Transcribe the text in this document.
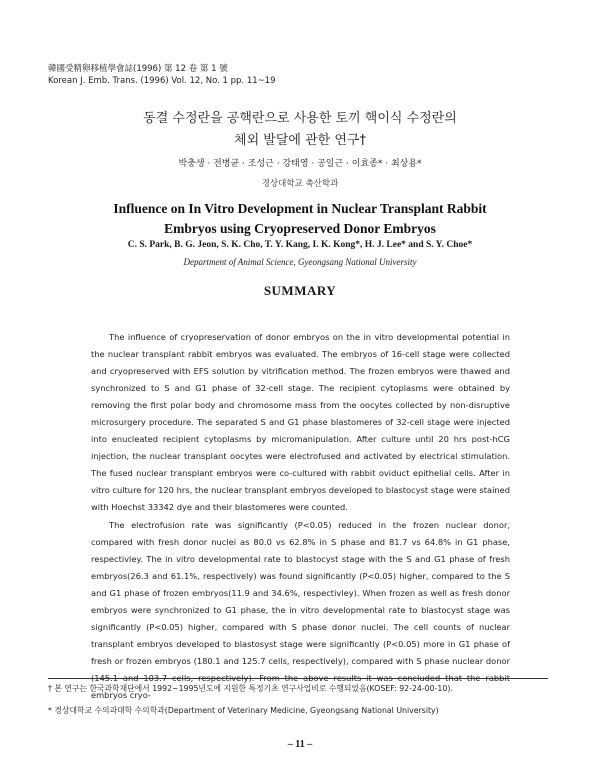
韓國受精卵移植學會誌(1996) 第 12 卷 第 1 號
Korean J. Emb. Trans. (1996) Vol. 12, No. 1 pp. 11~19
동결 수정란을 공핵란으로 사용한 토끼 핵이식 수정란의
체외 발달에 관한 연구†
박충생 · 전병균 · 조성근 · 강태영 · 공일근 · 이효종* · 최상용*
경상대학교 축산학과
Influence on In Vitro Development in Nuclear Transplant Rabbit
Embryos using Cryopreserved Donor Embryos
C. S. Park, B. G. Jeon, S. K. Cho, T. Y. Kang, I. K. Kong*, H. J. Lee* and S. Y. Choe*
Department of Animal Science, Gyeongsang National University
SUMMARY

The influence of cryopreservation of donor embryos on the in vitro developmental potential in the nuclear transplant rabbit embryos was evaluated. The embryos of 16-cell stage were collected and cryopreserved with EFS solution by vitrification method. The frozen embryos were thawed and synchronized to S and G1 phase of 32-cell stage. The recipient cytoplasms were obtained by removing the first polar body and chromosome mass from the oocytes collected by non-disruptive microsurgery procedure. The separated S and G1 phase blastomeres of 32-cell stage were injected into enucleated recipient cytoplasms by micromanipulation. After culture until 20 hrs post-hCG injection, the nuclear transplant oocytes were electrofused and activated by electrical stimulation. The fused nuclear transplant embryos were co-cultured with rabbit oviduct epithelial cells. After in vitro culture for 120 hrs, the nuclear transplant embryos developed to blastocyst stage were stained with Hoechst 33342 dye and their blastomeres were counted.

The electrofusion rate was significantly (P<0.05) reduced in the frozen nuclear donor, compared with fresh donor nuclei as 80.0 vs 62.8% in S phase and 81.7 vs 64.8% in G1 phase, respectivley. The in vitro developmental rate to blastocyst stage with the S and G1 phase of fresh embryos(26.3 and 61.1%, respectively) was found significantly (P<0.05) higher, compared to the S and G1 phase of frozen embryos(11.9 and 34.6%, respectivley). When frozen as well as fresh donor embryos were synchronized to G1 phase, the in vitro developmental rate to blastocyst stage was significantly (P<0.05) higher, compared with S phase donor nuclei. The cell counts of nuclear transplant embryos developed to blastosyst stage were significantly (P<0.05) more in G1 phase of fresh or frozen embryos (180.1 and 125.7 cells, respectively), compared with S phase nuclear donor (145.1 and 103.7 cells, respectively). From the above results it was concluded that the rabbit embryos cryo-

† 본 연구는 한국과학재단에서 1992~1995년도에 지원한 특정기초 연구사업비로 수행되었음(KOSEF: 92-24-00-10).
* 경상대학교 수의과대학 수의학과(Department of Veterinary Medicine, Gyeongsang National University)
– 11 –
